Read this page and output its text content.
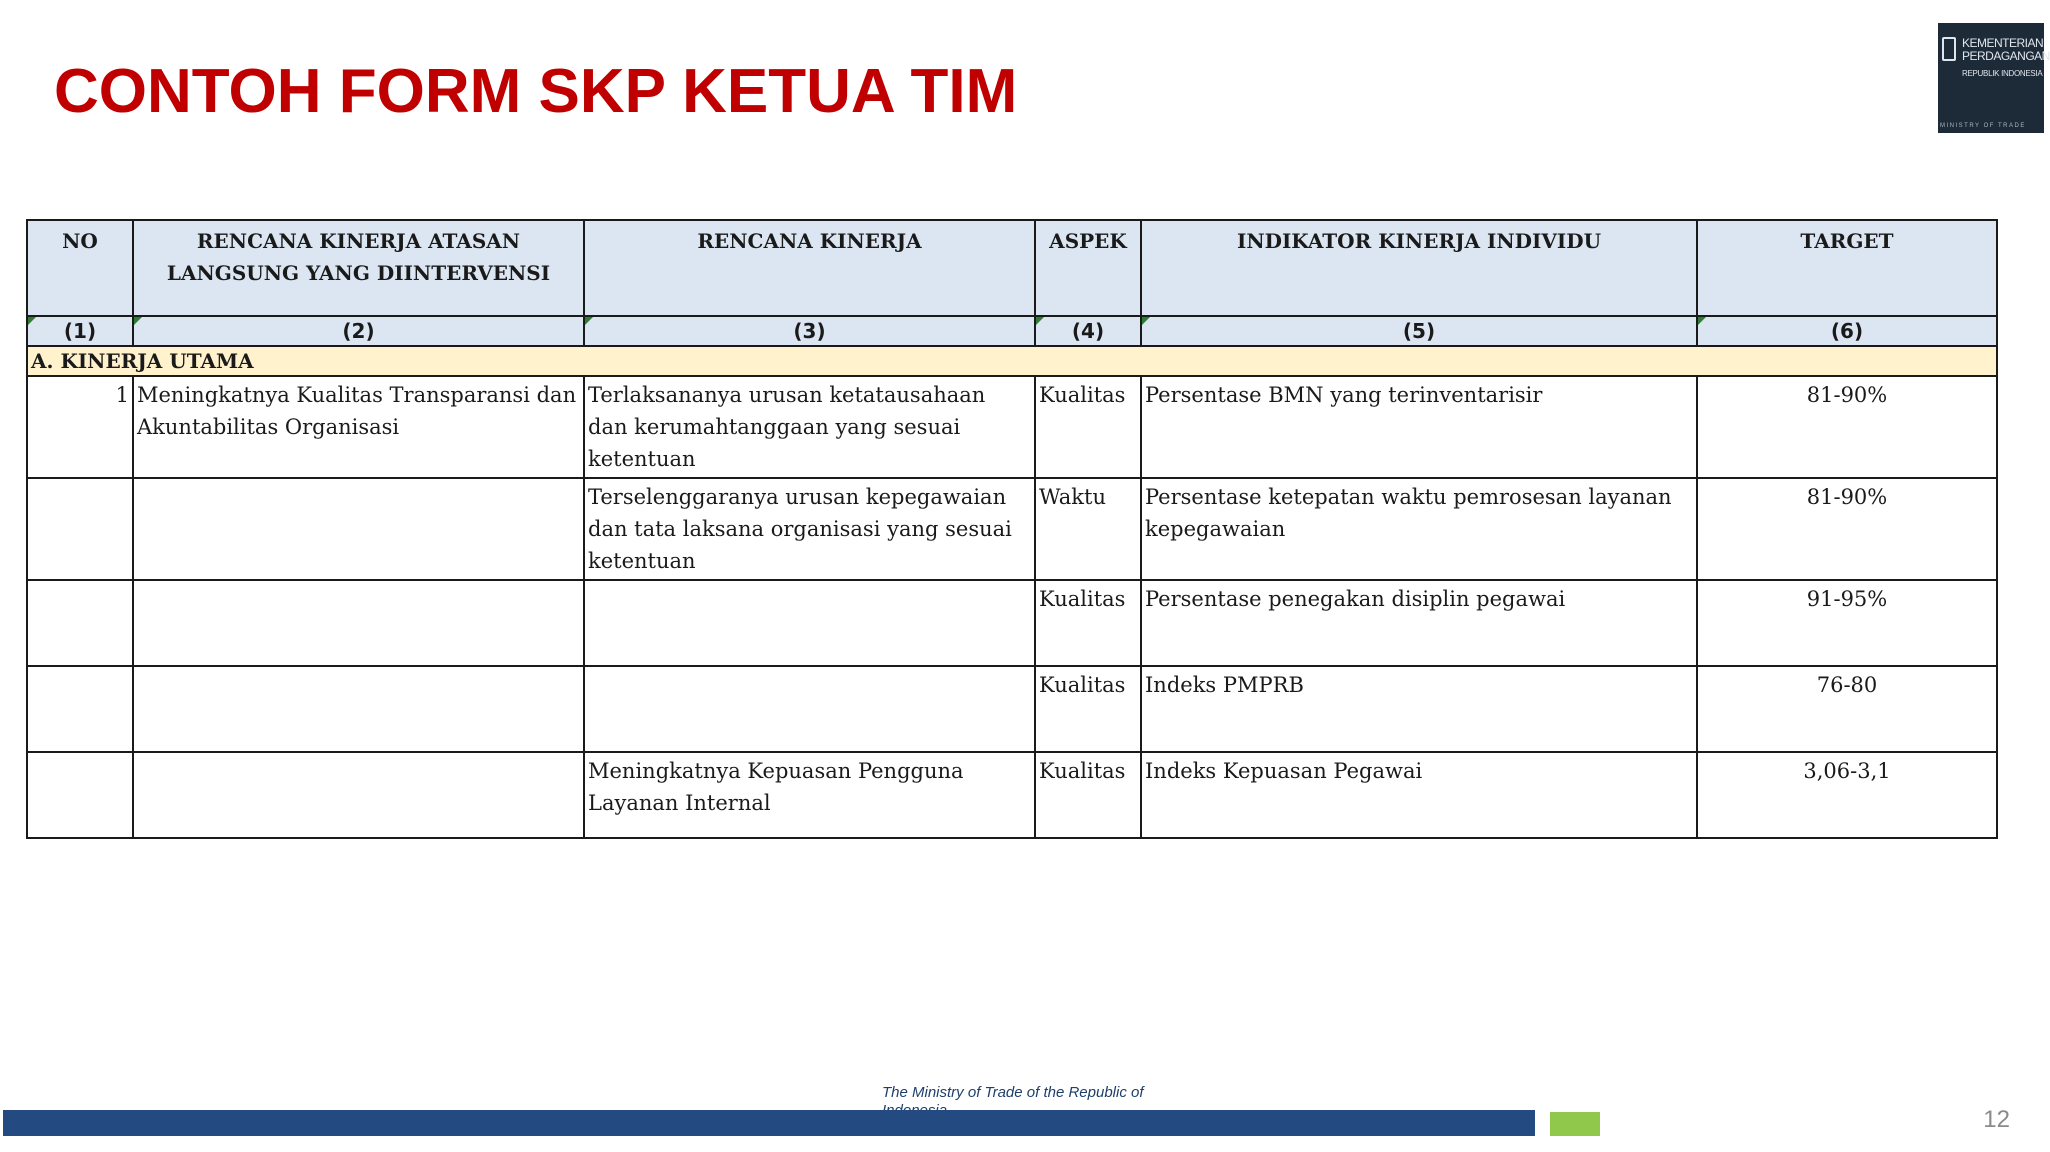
CONTOH FORM SKP KETUA TIM
KEMENTERIAN
PERDAGANGAN
REPUBLIK INDONESIA
MINISTRY OF TRADE
NO	RENCANA KINERJA ATASAN LANGSUNG YANG DIINTERVENSI	RENCANA KINERJA	ASPEK	INDIKATOR KINERJA INDIVIDU	TARGET

(1)	(2)	(3)	(4)	(5)	(6)
A. KINERJA UTAMA					
1	Meningkatnya Kualitas Transparansi dan Akuntabilitas Organisasi	Terlaksananya urusan ketatausahaan dan kerumahtanggaan yang sesuai ketentuan	Kualitas	Persentase BMN yang terinventarisir	81-90%
		Terselenggaranya urusan kepegawaian dan tata laksana organisasi yang sesuai ketentuan	Waktu	Persentase ketepatan waktu pemrosesan layanan kepegawaian	81-90%
			Kualitas	Persentase penegakan disiplin pegawai	91-95%
			Kualitas	Indeks PMPRB	76-80
		Meningkatnya Kepuasan Pengguna Layanan Internal	Kualitas	Indeks Kepuasan Pegawai	3,06-3,1
The Ministry of Trade of the Republic of
12
